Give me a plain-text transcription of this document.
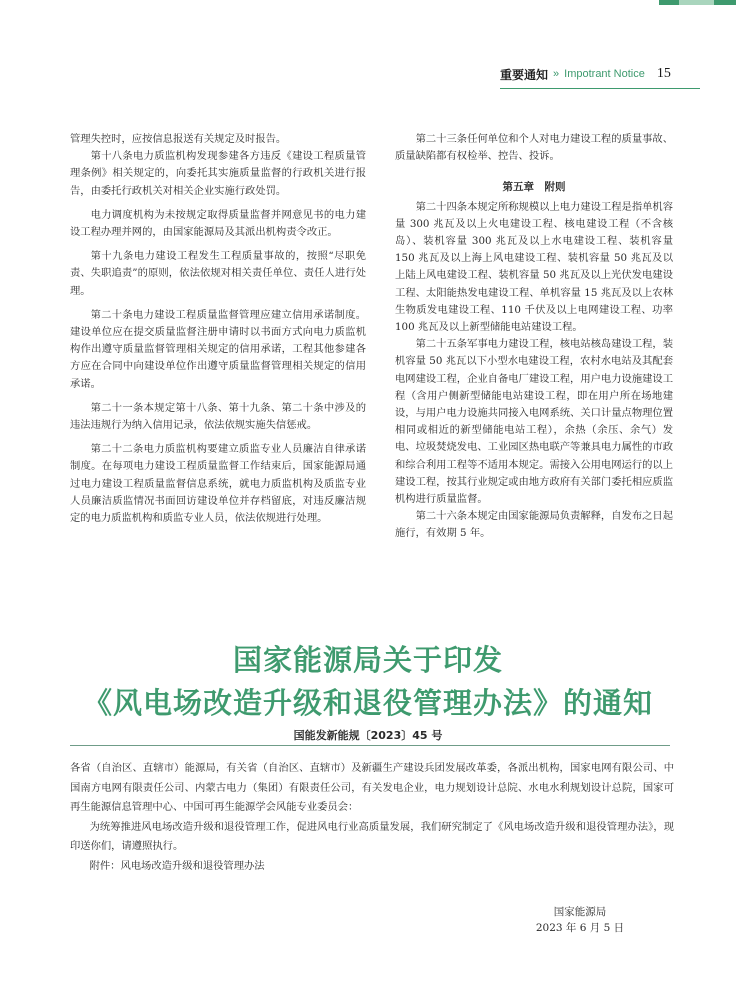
重要通知 » Impotrant Notice 15

管理失控时，应按信息报送有关规定及时报告。

第十八条电力质监机构发现参建各方违反《建设工程质量管理条例》相关规定的，向委托其实施质量监督的行政机关进行报告，由委托行政机关对相关企业实施行政处罚。

电力调度机构为未按规定取得质量监督并网意见书的电力建设工程办理并网的，由国家能源局及其派出机构责令改正。

第十九条电力建设工程发生工程质量事故的，按照“尽职免责、失职追责”的原则，依法依规对相关责任单位、责任人进行处理。

第二十条电力建设工程质量监督管理应建立信用承诺制度。建设单位应在提交质量监督注册申请时以书面方式向电力质监机构作出遵守质量监督管理相关规定的信用承诺，工程其他参建各方应在合同中向建设单位作出遵守质量监督管理相关规定的信用承诺。

第二十一条本规定第十八条、第十九条、第二十条中涉及的违法违规行为纳入信用记录，依法依规实施失信惩戒。

第二十二条电力质监机构要建立质监专业人员廉洁自律承诺制度。在每项电力建设工程质量监督工作结束后，国家能源局通过电力建设工程质量监督信息系统，就电力质监机构及质监专业人员廉洁质监情况书面回访建设单位并存档留底，对违反廉洁规定的电力质监机构和质监专业人员，依法依规进行处理。

第二十三条任何单位和个人对电力建设工程的质量事故、质量缺陷都有权检举、控告、投诉。

第五章　附则

第二十四条本规定所称规模以上电力建设工程是指单机容量 300 兆瓦及以上火电建设工程、核电建设工程（不含核岛）、装机容量 300 兆瓦及以上水电建设工程、装机容量 150 兆瓦及以上海上风电建设工程、装机容量 50 兆瓦及以上陆上风电建设工程、装机容量 50 兆瓦及以上光伏发电建设工程、太阳能热发电建设工程、单机容量 15 兆瓦及以上农林生物质发电建设工程、110 千伏及以上电网建设工程、功率 100 兆瓦及以上新型储能电站建设工程。

第二十五条军事电力建设工程，核电站核岛建设工程，装机容量 50 兆瓦以下小型水电建设工程，农村水电站及其配套电网建设工程，企业自备电厂建设工程，用户电力设施建设工程（含用户侧新型储能电站建设工程，即在用户所在场地建设，与用户电力设施共同接入电网系统、关口计量点物理位置相同或相近的新型储能电站工程），余热（余压、余气）发电、垃圾焚烧发电、工业园区热电联产等兼具电力属性的市政和综合利用工程等不适用本规定。需接入公用电网运行的以上建设工程，按其行业规定或由地方政府有关部门委托相应质监机构进行质量监督。

第二十六条本规定由国家能源局负责解释，自发布之日起施行，有效期 5 年。

国家能源局关于印发
《风电场改造升级和退役管理办法》的通知
国能发新能规〔2023〕45 号

各省（自治区、直辖市）能源局，有关省（自治区、直辖市）及新疆生产建设兵团发展改革委，各派出机构，国家电网有限公司、中国南方电网有限责任公司、内蒙古电力（集团）有限责任公司，有关发电企业，电力规划设计总院、水电水利规划设计总院，国家可再生能源信息管理中心、中国可再生能源学会风能专业委员会：

为统筹推进风电场改造升级和退役管理工作，促进风电行业高质量发展，我们研究制定了《风电场改造升级和退役管理办法》，现印送你们，请遵照执行。

附件：风电场改造升级和退役管理办法

国家能源局
2023 年 6 月 5 日
